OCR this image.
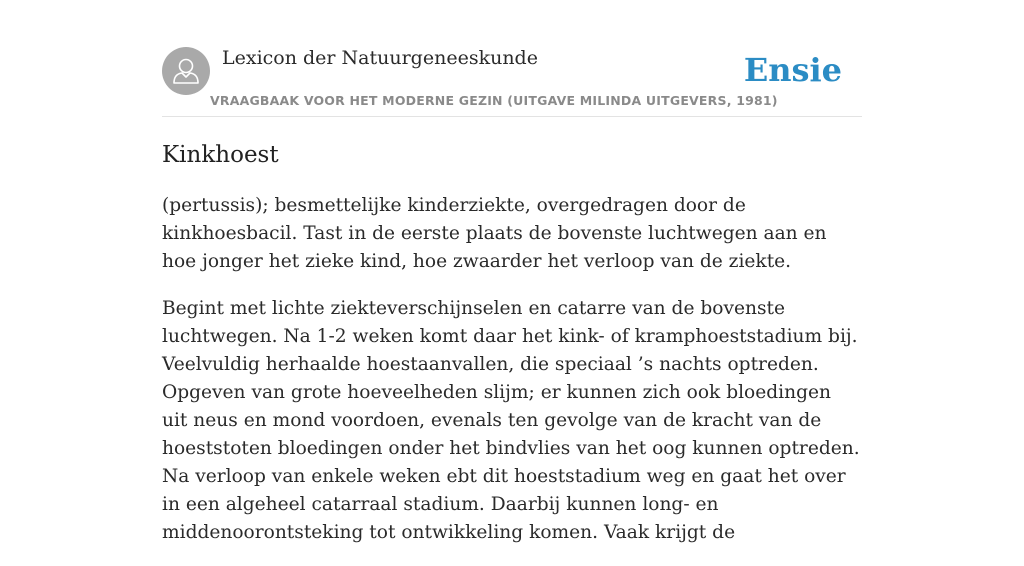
Lexicon der Natuurgeneeskunde
VRAAGBAAK VOOR HET MODERNE GEZIN (UITGAVE MILINDA UITGEVERS, 1981)
Ensie
Kinkhoest

(pertussis); besmettelijke kinderziekte, overgedragen door de kinkhoesbacil. Tast in de eerste plaats de bovenste luchtwegen aan en hoe jonger het zieke kind, hoe zwaarder het verloop van de ziekte.

Begint met lichte ziekteverschijnselen en catarre van de bovenste luchtwegen. Na 1-2 weken komt daar het kink- of kramphoeststadium bij. Veelvuldig herhaalde hoestaanvallen, die speciaal ’s nachts optreden. Opgeven van grote hoeveelheden slijm; er kunnen zich ook bloedingen uit neus en mond voordoen, evenals ten gevolge van de kracht van de hoeststoten bloedingen onder het bindvlies van het oog kunnen optreden. Na verloop van enkele weken ebt dit hoeststadium weg en gaat het over in een algeheel catarraal stadium. Daarbij kunnen long- en middenoorontsteking tot ontwikkeling komen. Vaak krijgt de
